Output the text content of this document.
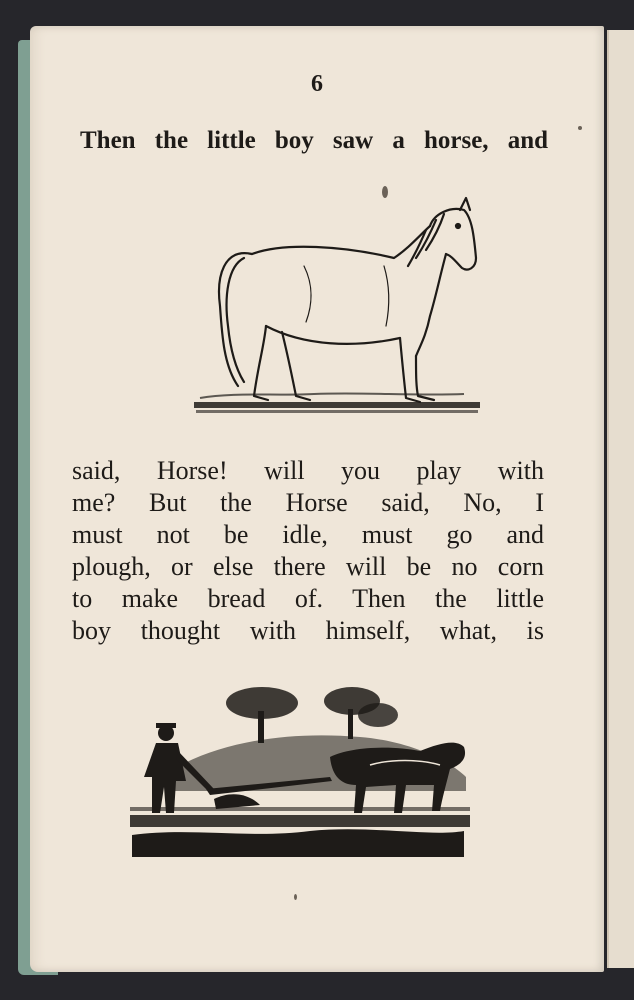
6

Then the little boy saw a horse, and

said, Horse! will you play with

me? But the Horse said, No, I

must not be idle, must go and

plough, or else there will be no corn

to make bread of. Then the little

boy thought with himself, what, is
